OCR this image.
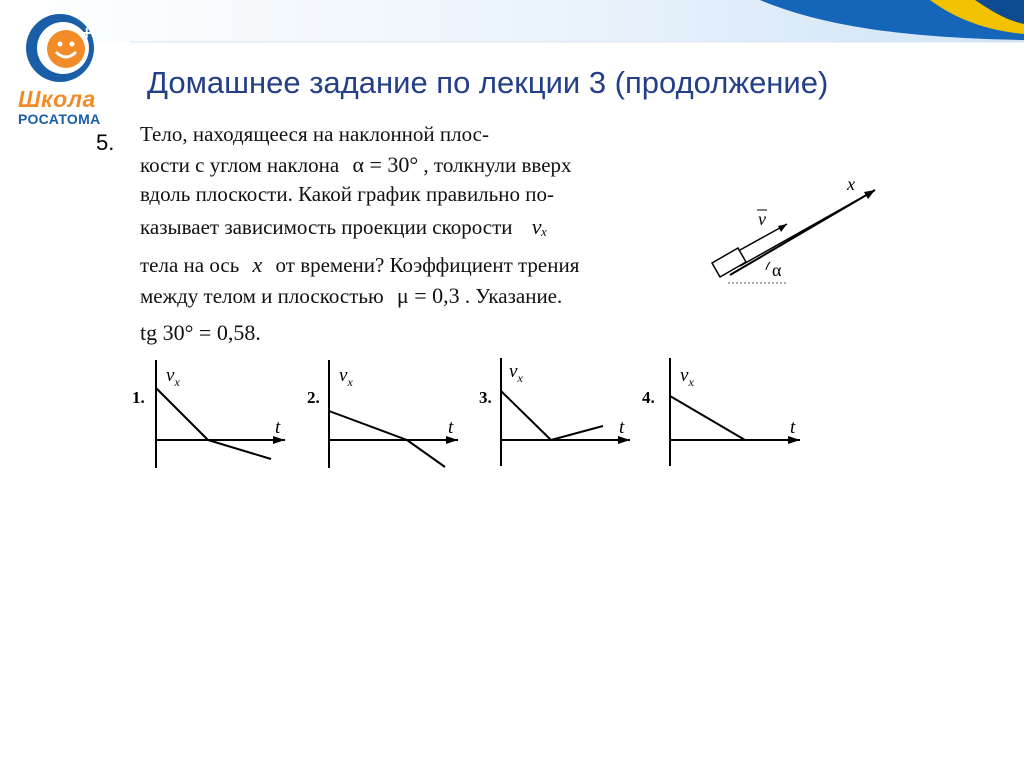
+
Школа
РОСАТОМА
Домашнее задание по лекции 3 (продолжение)
5. Тело, находящееся на наклонной плос-
кости с углом наклона α = 30° , толкнули вверх
вдоль плоскости. Какой график правильно по-
казывает зависимость проекции скорости vₓ
тела на ось x от времени? Коэффициент трения
между телом и плоскостью μ = 0,3 . Указание.
tg 30° = 0,58.
x
v
α
1.
$v_x$
t
2.
$v_x$
t
3.
$v_x$
t
4.
$v_x$
t
